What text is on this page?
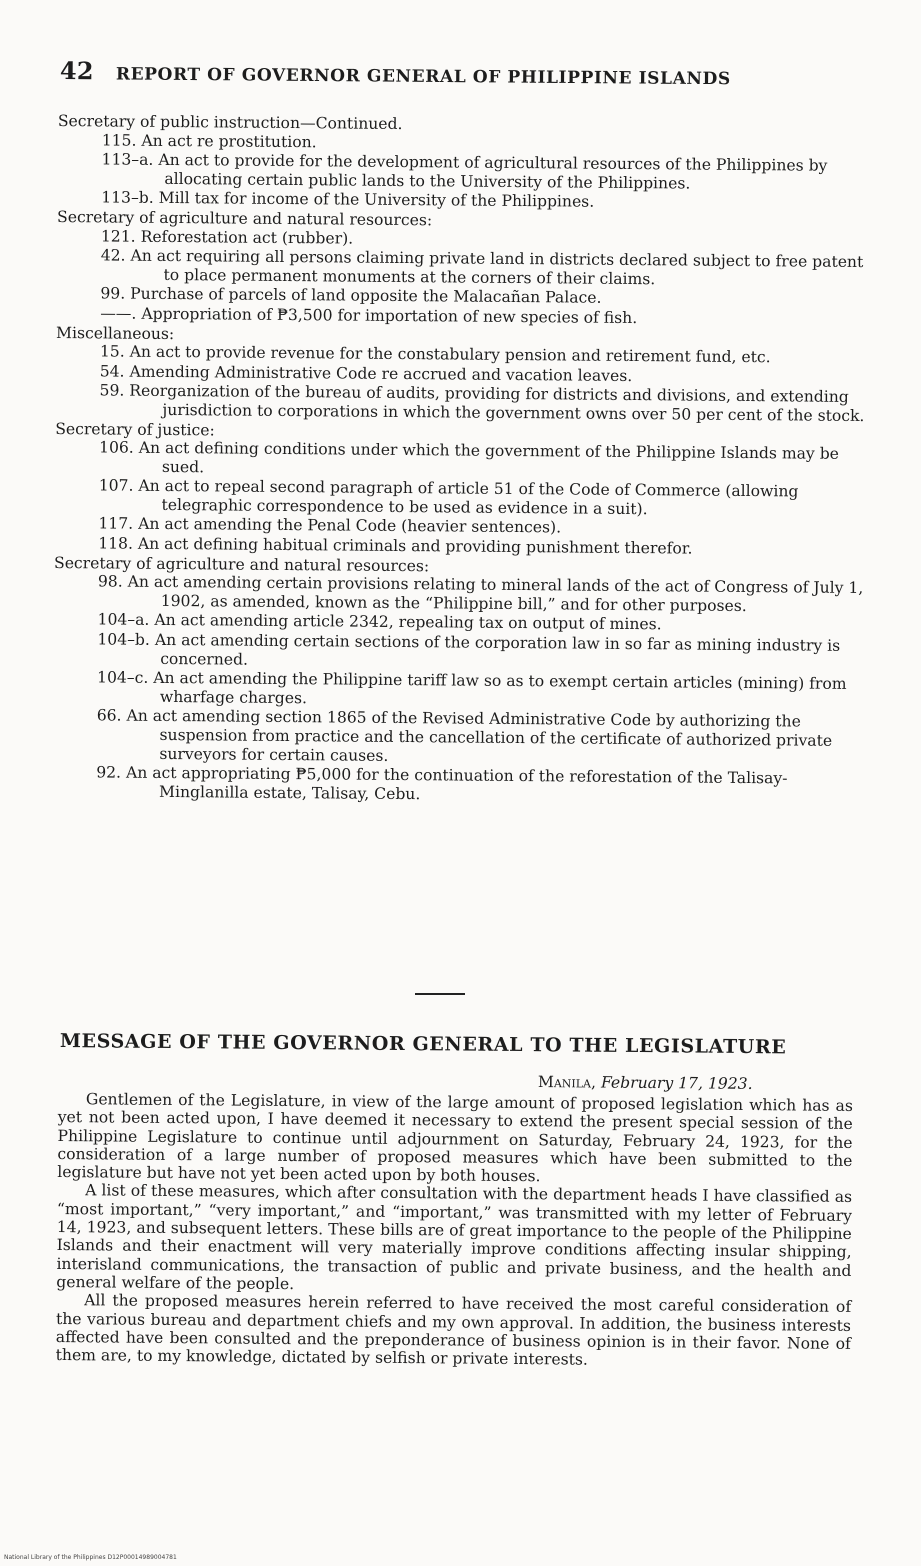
42 REPORT OF GOVERNOR GENERAL OF PHILIPPINE ISLANDS

Secretary of public instruction—Continued.

115. An act re prostitution.

113–a. An act to provide for the development of agricultural resources of the Philippines by allocating certain public lands to the University of the Philippines.

113–b. Mill tax for income of the University of the Philippines.

Secretary of agriculture and natural resources:

121. Reforestation act (rubber).

42. An act requiring all persons claiming private land in districts declared subject to free patent to place permanent monuments at the corners of their claims.

99. Purchase of parcels of land opposite the Malacañan Palace.

——. Appropriation of ₱3,500 for importation of new species of fish.

Miscellaneous:

15. An act to provide revenue for the constabulary pension and retirement fund, etc.

54. Amending Administrative Code re accrued and vacation leaves.

59. Reorganization of the bureau of audits, providing for districts and divisions, and extending jurisdiction to corporations in which the government owns over 50 per cent of the stock.

Secretary of justice:

106. An act defining conditions under which the government of the Philippine Islands may be sued.

107. An act to repeal second paragraph of article 51 of the Code of Commerce (allowing telegraphic correspondence to be used as evidence in a suit).

117. An act amending the Penal Code (heavier sentences).

118. An act defining habitual criminals and providing punishment therefor.

Secretary of agriculture and natural resources:

98. An act amending certain provisions relating to mineral lands of the act of Congress of July 1, 1902, as amended, known as the “Philippine bill,” and for other purposes.

104–a. An act amending article 2342, repealing tax on output of mines.

104–b. An act amending certain sections of the corporation law in so far as mining industry is concerned.

104–c. An act amending the Philippine tariff law so as to exempt certain articles (mining) from wharfage charges.

66. An act amending section 1865 of the Revised Administrative Code by authorizing the suspension from practice and the cancellation of the certificate of authorized private surveyors for certain causes.

92. An act appropriating ₱5,000 for the continuation of the reforestation of the Talisay-Minglanilla estate, Talisay, Cebu.

MESSAGE OF THE GOVERNOR GENERAL TO THE LEGISLATURE
Manila, February 17, 1923.

Gentlemen of the Legislature, in view of the large amount of proposed legislation which has as yet not been acted upon, I have deemed it necessary to extend the present special session of the Philippine Legislature to continue until adjournment on Saturday, February 24, 1923, for the consideration of a large number of proposed measures which have been submitted to the legislature but have not yet been acted upon by both houses.

A list of these measures, which after consultation with the department heads I have classified as “most important,” “very important,” and “important,” was transmitted with my letter of February 14, 1923, and subsequent letters. These bills are of great importance to the people of the Philippine Islands and their enactment will very materially improve conditions affecting insular shipping, interisland communications, the transaction of public and private business, and the health and general welfare of the people.

All the proposed measures herein referred to have received the most careful consideration of the various bureau and department chiefs and my own approval. In addition, the business interests affected have been consulted and the preponderance of business opinion is in their favor. None of them are, to my knowledge, dictated by selfish or private interests.

National Library of the Philippines D12P00014989004781
